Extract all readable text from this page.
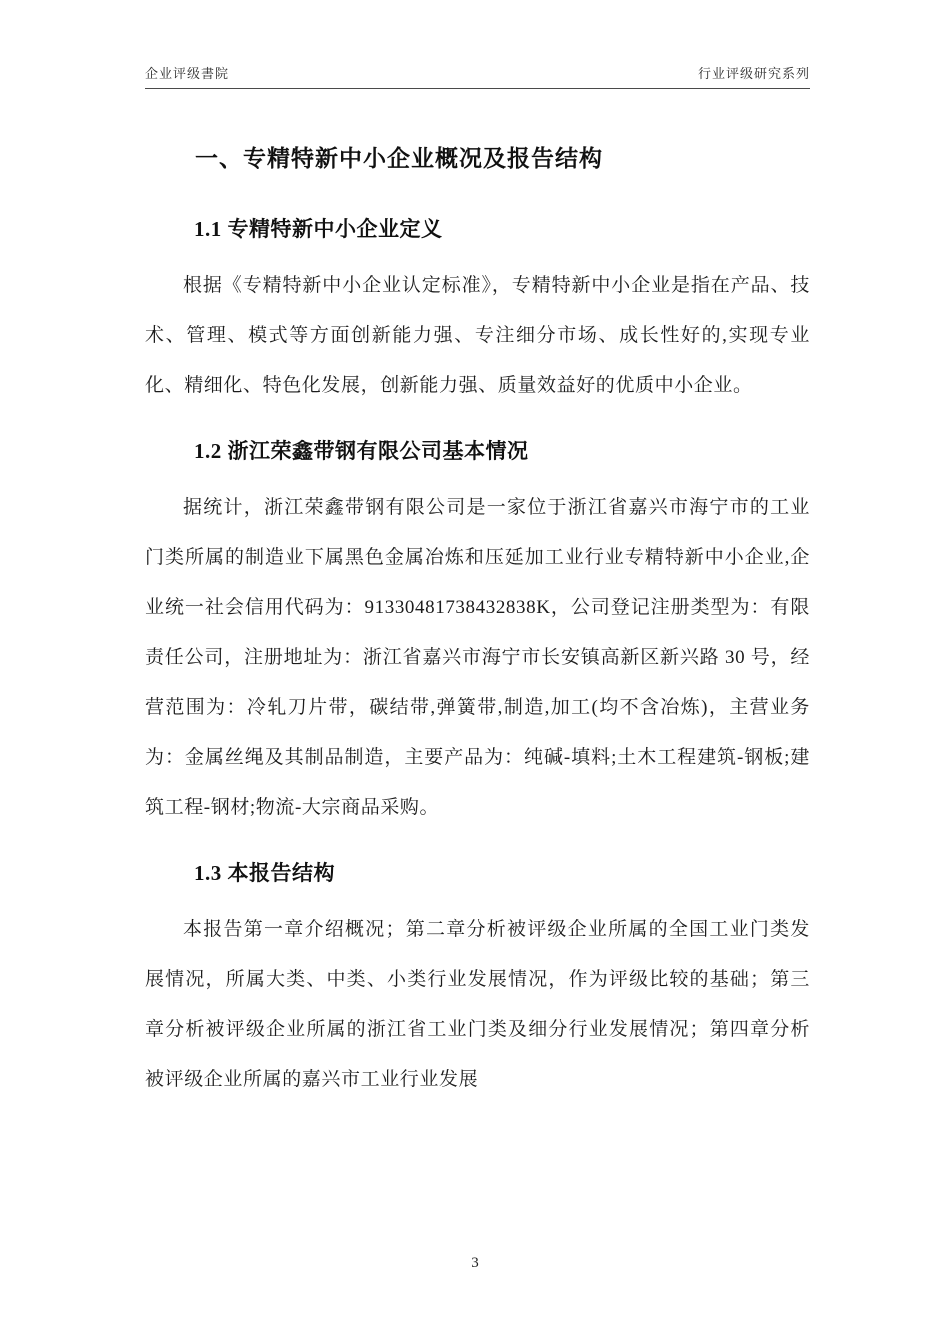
企业评级書院	行业评级研究系列
一、专精特新中小企业概况及报告结构
1.1 专精特新中小企业定义

根据《专精特新中小企业认定标准》，专精特新中小企业是指在产品、技术、管理、模式等方面创新能力强、专注细分市场、成长性好的,实现专业化、精细化、特色化发展，创新能力强、质量效益好的优质中小企业。

1.2 浙江荣鑫带钢有限公司基本情况

据统计，浙江荣鑫带钢有限公司是一家位于浙江省嘉兴市海宁市的工业门类所属的制造业下属黑色金属冶炼和压延加工业行业专精特新中小企业,企业统一社会信用代码为：91330481738432838K，公司登记注册类型为：有限责任公司，注册地址为：浙江省嘉兴市海宁市长安镇高新区新兴路 30 号，经营范围为：冷轧刀片带，碳结带,弹簧带,制造,加工(均不含冶炼)，主营业务为：金属丝绳及其制品制造，主要产品为：纯碱-填料;土木工程建筑-钢板;建筑工程-钢材;物流-大宗商品采购。

1.3 本报告结构

本报告第一章介绍概况；第二章分析被评级企业所属的全国工业门类发展情况，所属大类、中类、小类行业发展情况，作为评级比较的基础；第三章分析被评级企业所属的浙江省工业门类及细分行业发展情况；第四章分析被评级企业所属的嘉兴市工业行业发展

3
